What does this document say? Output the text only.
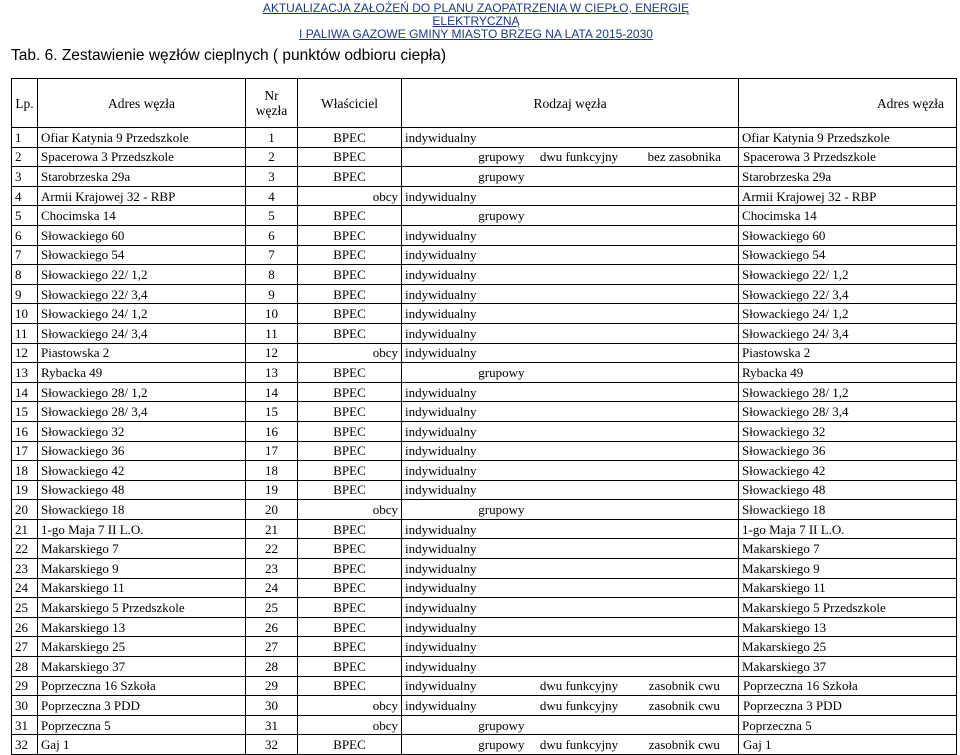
AKTUALIZACJA ZAŁOŻEŃ DO PLANU ZAOPATRZENIA W CIEPŁO, ENERGIĘ ELEKTRYCZNĄ
I PALIWA GAZOWE GMINY MIASTO BRZEG NA LATA 2015-2030
Tab. 6. Zestawienie węzłów cieplnych ( punktów odbioru ciepła)
Lp.	Adres węzła	Nr węzła	Właściciel	Rodzaj węzła			Adres węzła
1	Ofiar Katynia 9 Przedszkole	1	BPEC	indywidualny			Ofiar Katynia 9 Przedszkole
2	Spacerowa 3 Przedszkole	2	BPEC	grupowy	dwu funkcyjny	bez zasobnika	Spacerowa 3 Przedszkole
3	Starobrzeska 29a	3	BPEC	grupowy			Starobrzeska 29a
4	Armii Krajowej 32 - RBP	4	obcy	indywidualny			Armii Krajowej 32 - RBP
5	Chocimska 14	5	BPEC	grupowy			Chocimska 14
6	Słowackiego 60	6	BPEC	indywidualny			Słowackiego 60
7	Słowackiego 54	7	BPEC	indywidualny			Słowackiego 54
8	Słowackiego 22/ 1,2	8	BPEC	indywidualny			Słowackiego 22/ 1,2
9	Słowackiego 22/ 3,4	9	BPEC	indywidualny			Słowackiego 22/ 3,4
10	Słowackiego 24/ 1,2	10	BPEC	indywidualny			Słowackiego 24/ 1,2
11	Słowackiego 24/ 3,4	11	BPEC	indywidualny			Słowackiego 24/ 3,4
12	Piastowska 2	12	obcy	indywidualny			Piastowska 2
13	Rybacka 49	13	BPEC	grupowy			Rybacka 49
14	Słowackiego 28/ 1,2	14	BPEC	indywidualny			Słowackiego 28/ 1,2
15	Słowackiego 28/ 3,4	15	BPEC	indywidualny			Słowackiego 28/ 3,4
16	Słowackiego 32	16	BPEC	indywidualny			Słowackiego 32
17	Słowackiego 36	17	BPEC	indywidualny			Słowackiego 36
18	Słowackiego 42	18	BPEC	indywidualny			Słowackiego 42
19	Słowackiego 48	19	BPEC	indywidualny			Słowackiego 48
20	Słowackiego 18	20	obcy	grupowy			Słowackiego 18
21	1-go Maja 7 II L.O.	21	BPEC	indywidualny			1-go Maja 7 II L.O.
22	Makarskiego 7	22	BPEC	indywidualny			Makarskiego 7
23	Makarskiego 9	23	BPEC	indywidualny			Makarskiego 9
24	Makarskiego 11	24	BPEC	indywidualny			Makarskiego 11
25	Makarskiego 5 Przedszkole	25	BPEC	indywidualny			Makarskiego 5 Przedszkole
26	Makarskiego 13	26	BPEC	indywidualny			Makarskiego 13
27	Makarskiego 25	27	BPEC	indywidualny			Makarskiego 25
28	Makarskiego 37	28	BPEC	indywidualny			Makarskiego 37
29	Poprzeczna 16 Szkoła	29	BPEC	indywidualny	dwu funkcyjny	zasobnik cwu	Poprzeczna 16 Szkoła
30	Poprzeczna 3 PDD	30	obcy	indywidualny	dwu funkcyjny	zasobnik cwu	Poprzeczna 3 PDD
31	Poprzeczna 5	31	obcy	grupowy			Poprzeczna 5
32	Gaj 1	32	BPEC	grupowy	dwu funkcyjny	zasobnik cwu	Gaj 1
